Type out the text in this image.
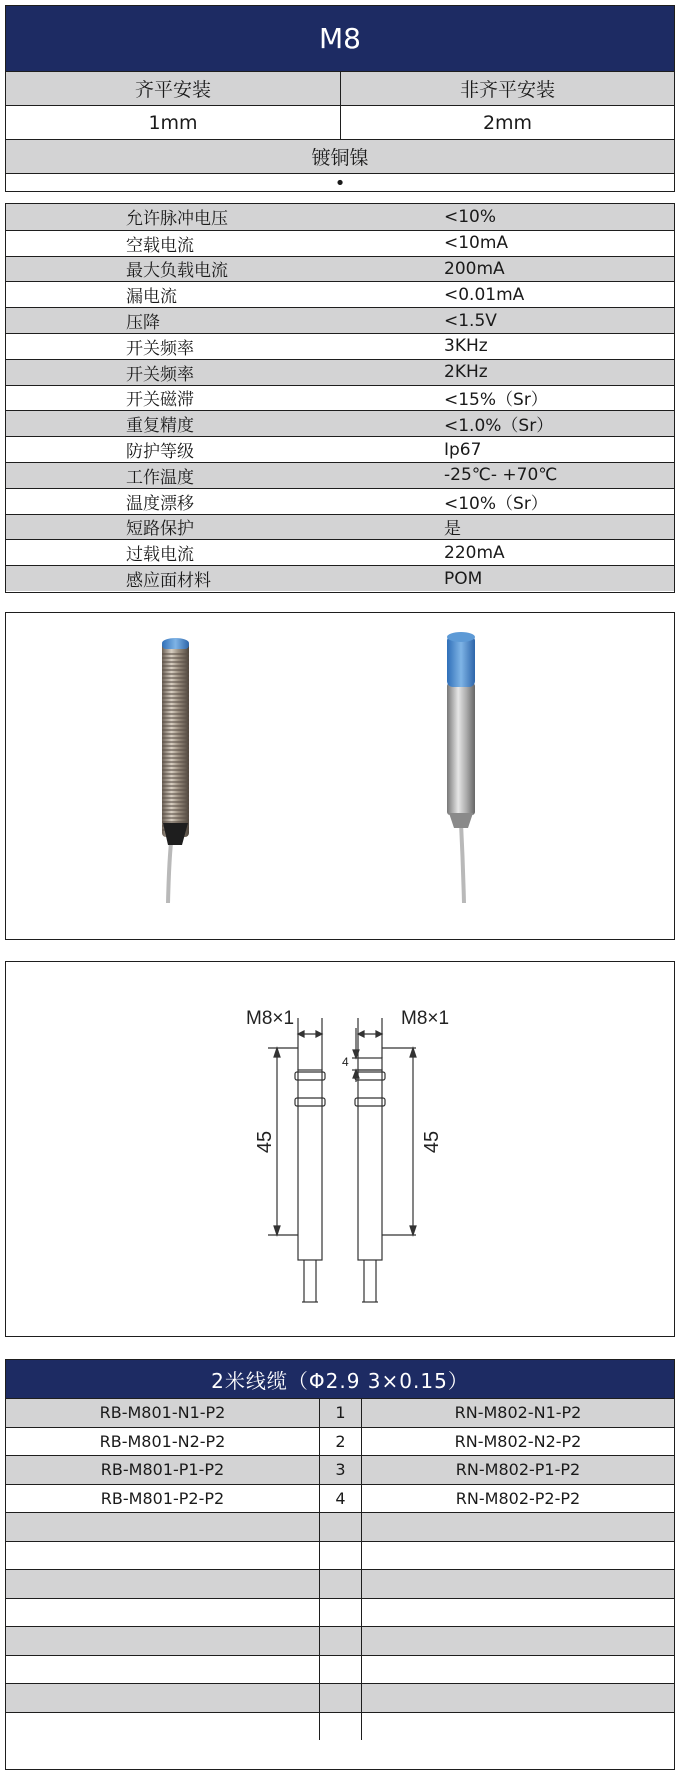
M8
齐平安装	非齐平安装
1mm	2mm
镀铜镍
•
允许脉冲电压	<10%
空载电流	<10mA
最大负载电流	200mA
漏电流	<0.01mA
压降	<1.5V
开关频率	3KHz
开关频率	2KHz
开关磁滞	<15%（Sr）
重复精度	<1.0%（Sr）
防护等级	Ip67
工作温度	-25℃- +70℃
温度漂移	<10%（Sr）
短路保护	是
过载电流	220mA
感应面材料	POM
M8×1
45
4
M8×1
45
2米线缆（Φ2.9 3×0.15）
RB-M801-N1-P2	1	RN-M802-N1-P2
RB-M801-N2-P2	2	RN-M802-N2-P2
RB-M801-P1-P2	3	RN-M802-P1-P2
RB-M801-P2-P2	4	RN-M802-P2-P2
